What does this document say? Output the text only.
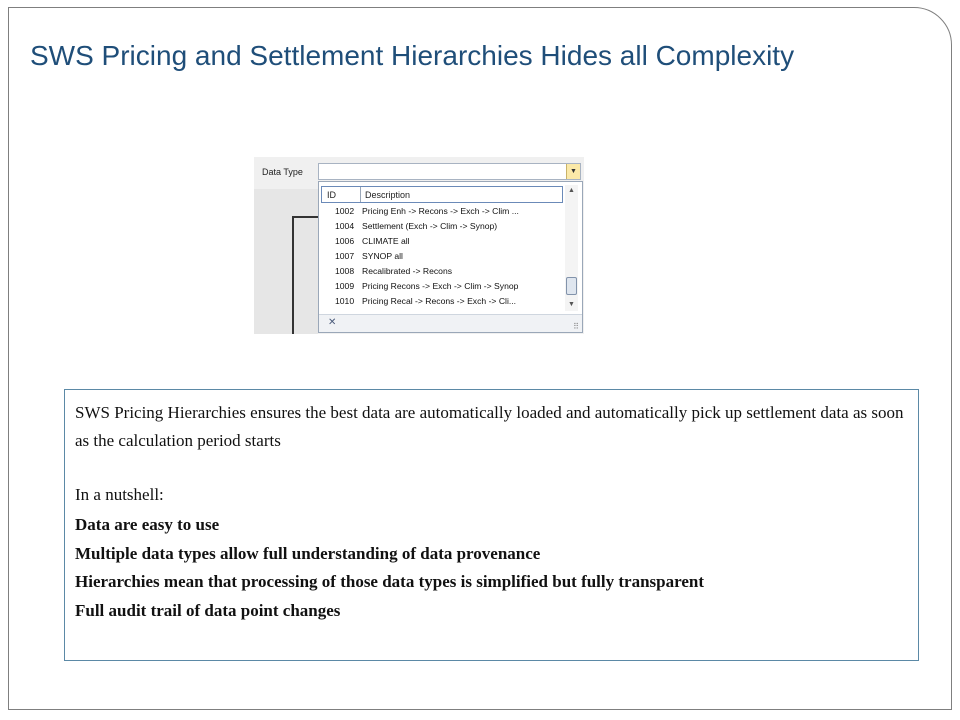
SWS Pricing and Settlement Hierarchies Hides all Complexity
Data Type	▼
ID	Description
1002 Pricing Enh -> Recons -> Exch -> Clim ...
1004 Settlement (Exch -> Clim -> Synop)
1006 CLIMATE all
1007 SYNOP all
1008 Recalibrated -> Recons
1009 Pricing Recons -> Exch -> Clim -> Synop
1010 Pricing Recal -> Recons -> Exch -> Cli...
▲
▼
✕	⠿
SWS Pricing Hierarchies ensures the best data are automatically loaded and automatically pick up settlement data as soon as the calculation period starts
In a nutshell:
Data are easy to use
Multiple data types allow full understanding of data provenance
Hierarchies mean that processing of those data types is simplified but fully transparent
Full audit trail of data point changes
